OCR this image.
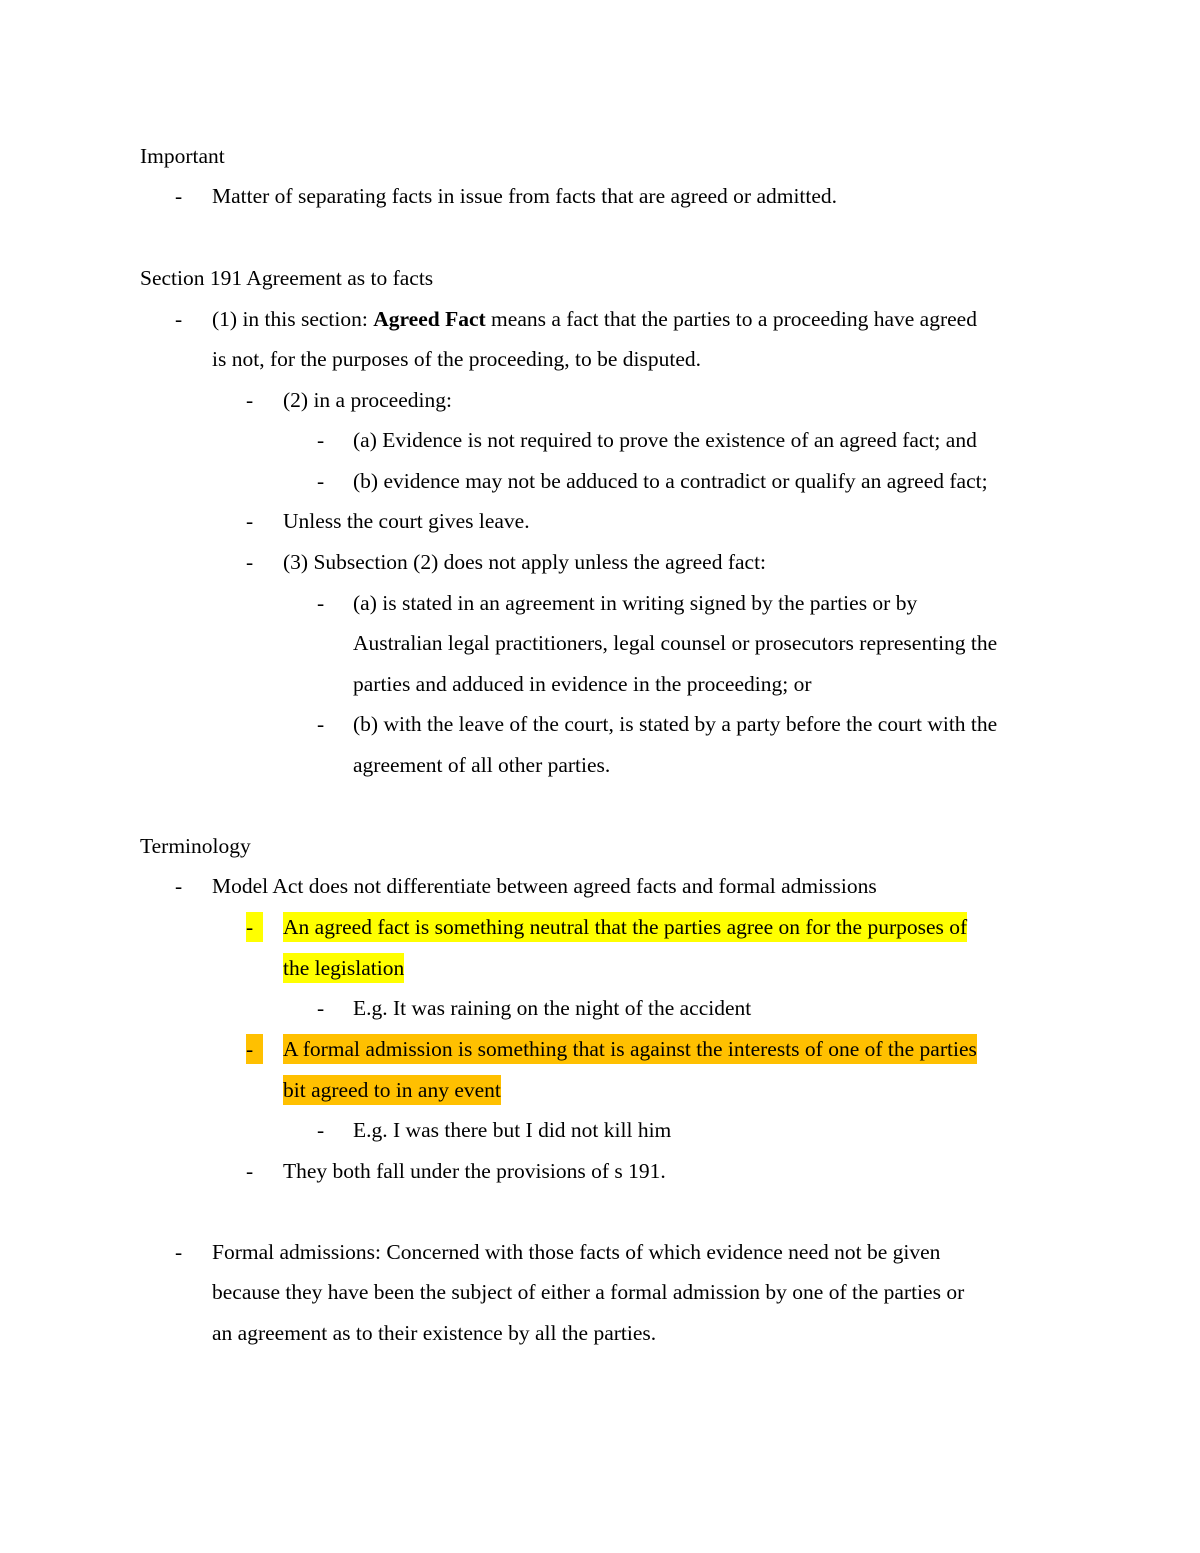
Important
- Matter of separating facts in issue from facts that are agreed or admitted.
Section 191 Agreement as to facts
- (1) in this section: Agreed Fact means a fact that the parties to a proceeding have agreed
is not, for the purposes of the proceeding, to be disputed.
- (2) in a proceeding:
- (a) Evidence is not required to prove the existence of an agreed fact; and
- (b) evidence may not be adduced to a contradict or qualify an agreed fact;
- Unless the court gives leave.
- (3) Subsection (2) does not apply unless the agreed fact:
- (a) is stated in an agreement in writing signed by the parties or by
Australian legal practitioners, legal counsel or prosecutors representing the
parties and adduced in evidence in the proceeding; or
- (b) with the leave of the court, is stated by a party before the court with the
agreement of all other parties.
Terminology
- Model Act does not differentiate between agreed facts and formal admissions
-	An agreed fact is something neutral that the parties agree on for the purposes of
the legislation
- E.g. It was raining on the night of the accident
-	A formal admission is something that is against the interests of one of the parties
bit agreed to in any event
- E.g. I was there but I did not kill him
- They both fall under the provisions of s 191.
- Formal admissions: Concerned with those facts of which evidence need not be given
because they have been the subject of either a formal admission by one of the parties or
an agreement as to their existence by all the parties.
